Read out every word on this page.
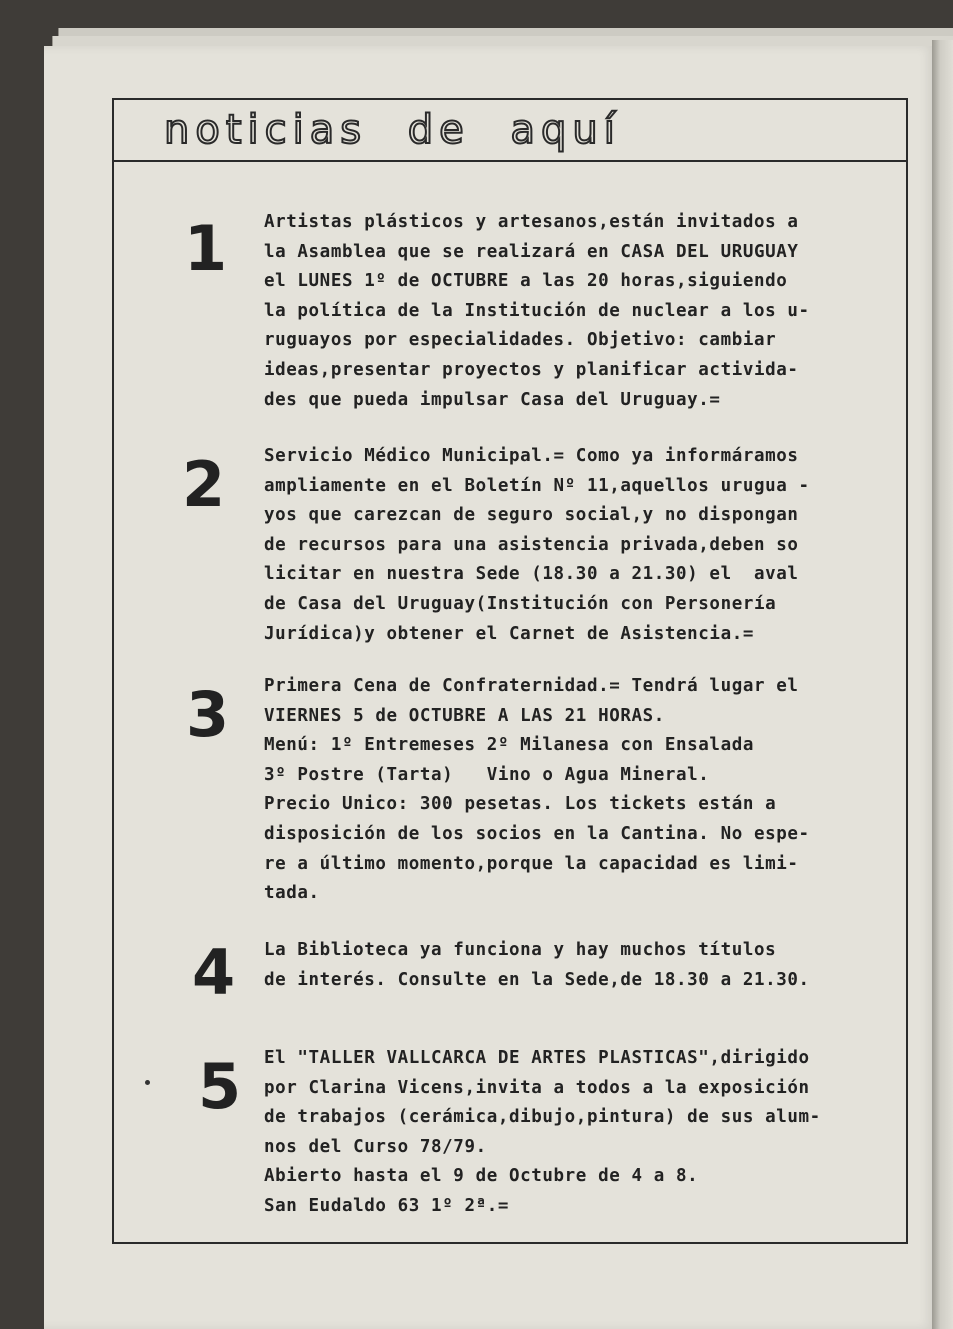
noticias de aquí
1 Artistas plásticos y artesanos,están invitados a
la Asamblea que se realizará en CASA DEL URUGUAY
el LUNES 1º de OCTUBRE a las 20 horas,siguiendo
la política de la Institución de nuclear a los u-
ruguayos por especialidades. Objetivo: cambiar
ideas,presentar proyectos y planificar activida-
des que pueda impulsar Casa del Uruguay.=
2 Servicio Médico Municipal.= Como ya informáramos
ampliamente en el Boletín Nº 11,aquellos urugua -
yos que carezcan de seguro social,y no dispongan
de recursos para una asistencia privada,deben so
licitar en nuestra Sede (18.30 a 21.30) el  aval
de Casa del Uruguay(Institución con Personería
Jurídica)y obtener el Carnet de Asistencia.=
3 Primera Cena de Confraternidad.= Tendrá lugar el
VIERNES 5 de OCTUBRE A LAS 21 HORAS.
Menú: 1º Entremeses 2º Milanesa con Ensalada
3º Postre (Tarta)   Vino o Agua Mineral.
Precio Unico: 300 pesetas. Los tickets están a
disposición de los socios en la Cantina. No espe-
re a último momento,porque la capacidad es limi-
tada.
4 La Biblioteca ya funciona y hay muchos títulos
de interés. Consulte en la Sede,de 18.30 a 21.30.
5 El "TALLER VALLCARCA DE ARTES PLASTICAS",dirigido
por Clarina Vicens,invita a todos a la exposición
de trabajos (cerámica,dibujo,pintura) de sus alum-
nos del Curso 78/79.
Abierto hasta el 9 de Octubre de 4 a 8.
San Eudaldo 63 1º 2ª.=
